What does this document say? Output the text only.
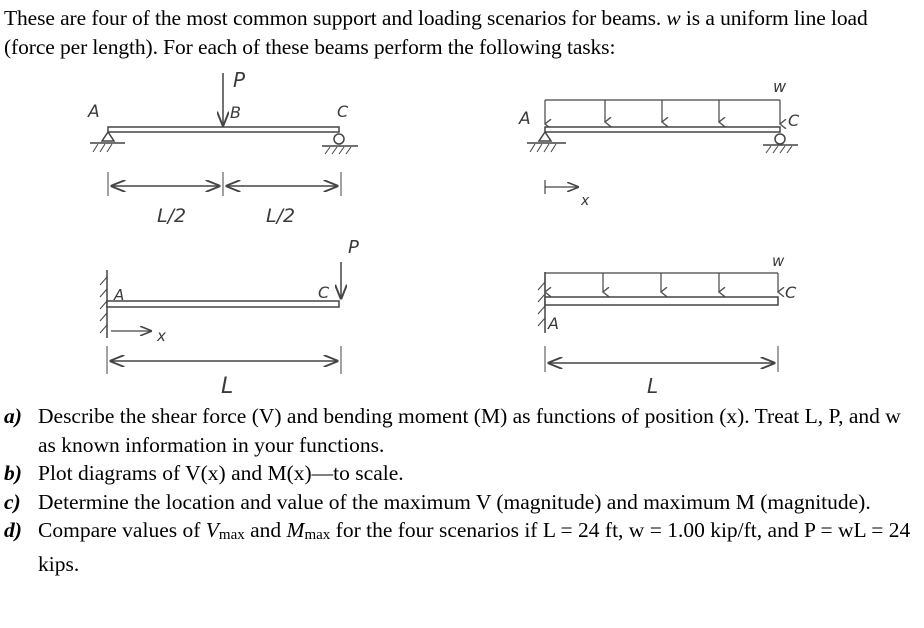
These are four of the most common support and loading scenarios for beams. w is a uniform line load (force per length). For each of these beams perform the following tasks:
P
A	B	C
L/2	L/2
w
A	C
x
P
A	C
x
L
w
A
C
L
a) Describe the shear force (V) and bending moment (M) as functions of position (x). Treat L, P, and w as known information in your functions.
b) Plot diagrams of V(x) and M(x)—to scale.
c) Determine the location and value of the maximum V (magnitude) and maximum M (magnitude).
d) Compare values of $V_{max}$ and $M_{max}$ for the four scenarios if L = 24 ft, w = 1.00 kip/ft, and P = wL = 24 kips.
